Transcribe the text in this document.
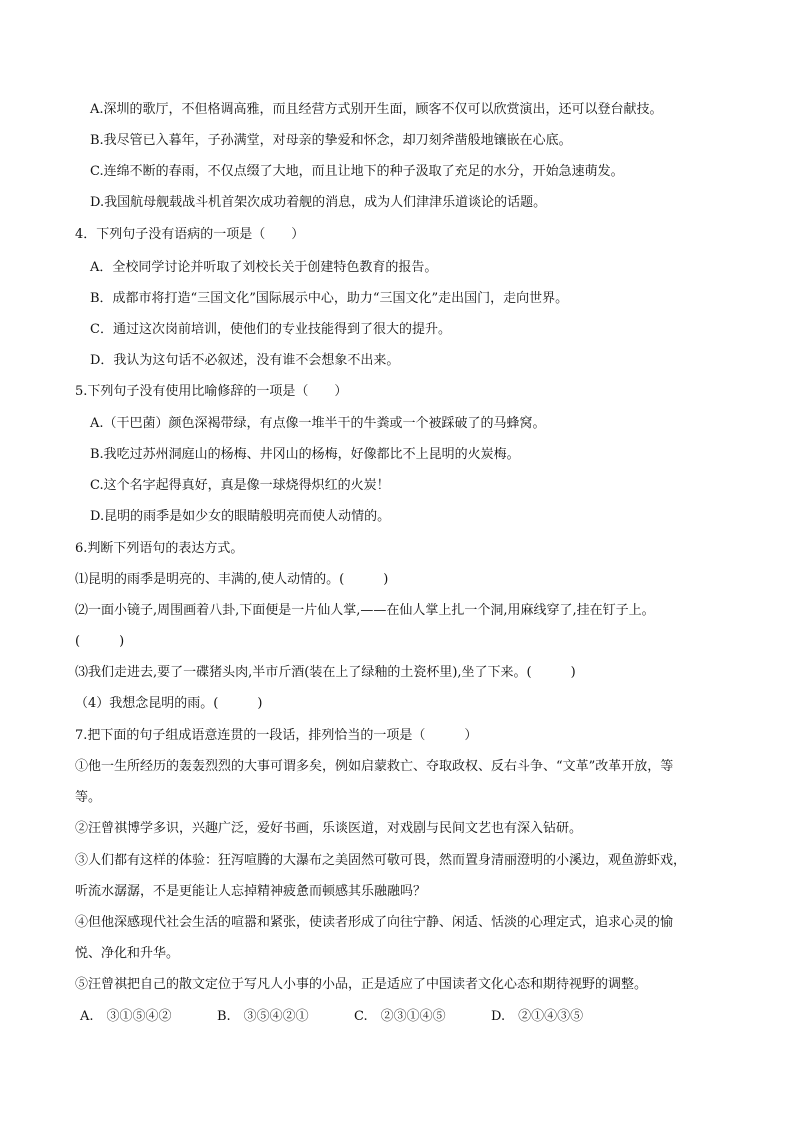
A.深圳的歌厅，不但格调高雅，而且经营方式别开生面，顾客不仅可以欣赏演出，还可以登台献技。
B.我尽管已入暮年，子孙满堂，对母亲的挚爱和怀念，却刀刻斧凿般地镶嵌在心底。
C.连绵不断的春雨，不仅点缀了大地，而且让地下的种子汲取了充足的水分，开始急速萌发。
D.我国航母舰载战斗机首架次成功着舰的消息，成为人们津津乐道谈论的话题。
4．下列句子没有语病的一项是（　　）
A．全校同学讨论并听取了刘校长关于创建特色教育的报告。
B．成都市将打造“三国文化”国际展示中心，助力“三国文化”走出国门，走向世界。
C．通过这次岗前培训，使他们的专业技能得到了很大的提升。
D．我认为这句话不必叙述，没有谁不会想象不出来。
5.下列句子没有使用比喻修辞的一项是（　　）
A.（干巴菌）颜色深褐带绿，有点像一堆半干的牛粪或一个被踩破了的马蜂窝。
B.我吃过苏州洞庭山的杨梅、井冈山的杨梅，好像都比不上昆明的火炭梅。
C.这个名字起得真好，真是像一球烧得炽红的火炭！
D.昆明的雨季是如少女的眼睛般明亮而使人动情的。
6.判断下列语句的表达方式。
⑴昆明的雨季是明亮的、丰满的,使人动情的。(　　　)
⑵一面小镜子,周围画着八卦,下面便是一片仙人掌,——在仙人掌上扎一个洞,用麻线穿了,挂在钉子上。
(　　　)
⑶我们走进去,要了一碟猪头肉,半市斤酒(装在上了绿釉的土瓷杯里),坐了下来。(　　　)
（4）我想念昆明的雨。(　　　)
7.把下面的句子组成语意连贯的一段话，排列恰当的一项是（　　　）
①他一生所经历的轰轰烈烈的大事可谓多矣，例如启蒙救亡、夺取政权、反右斗争、“文革”改革开放，等
等。
②汪曾祺博学多识，兴趣广泛，爱好书画，乐谈医道，对戏剧与民间文艺也有深入钻研。
③人们都有这样的体验：狂泻喧腾的大瀑布之美固然可敬可畏，然而置身清丽澄明的小溪边，观鱼游虾戏，
听流水潺潺，不是更能让人忘掉精神疲惫而顿感其乐融融吗？
④但他深感现代社会生活的喧嚣和紧张，使读者形成了向往宁静、闲适、恬淡的心理定式，追求心灵的愉
悦、净化和升华。
⑤汪曾祺把自己的散文定位于写凡人小事的小品，正是适应了中国读者文化心态和期待视野的调整。
A.　③①⑤④②	B.　③⑤④②①	C.　②③①④⑤	D.　②①④③⑤
